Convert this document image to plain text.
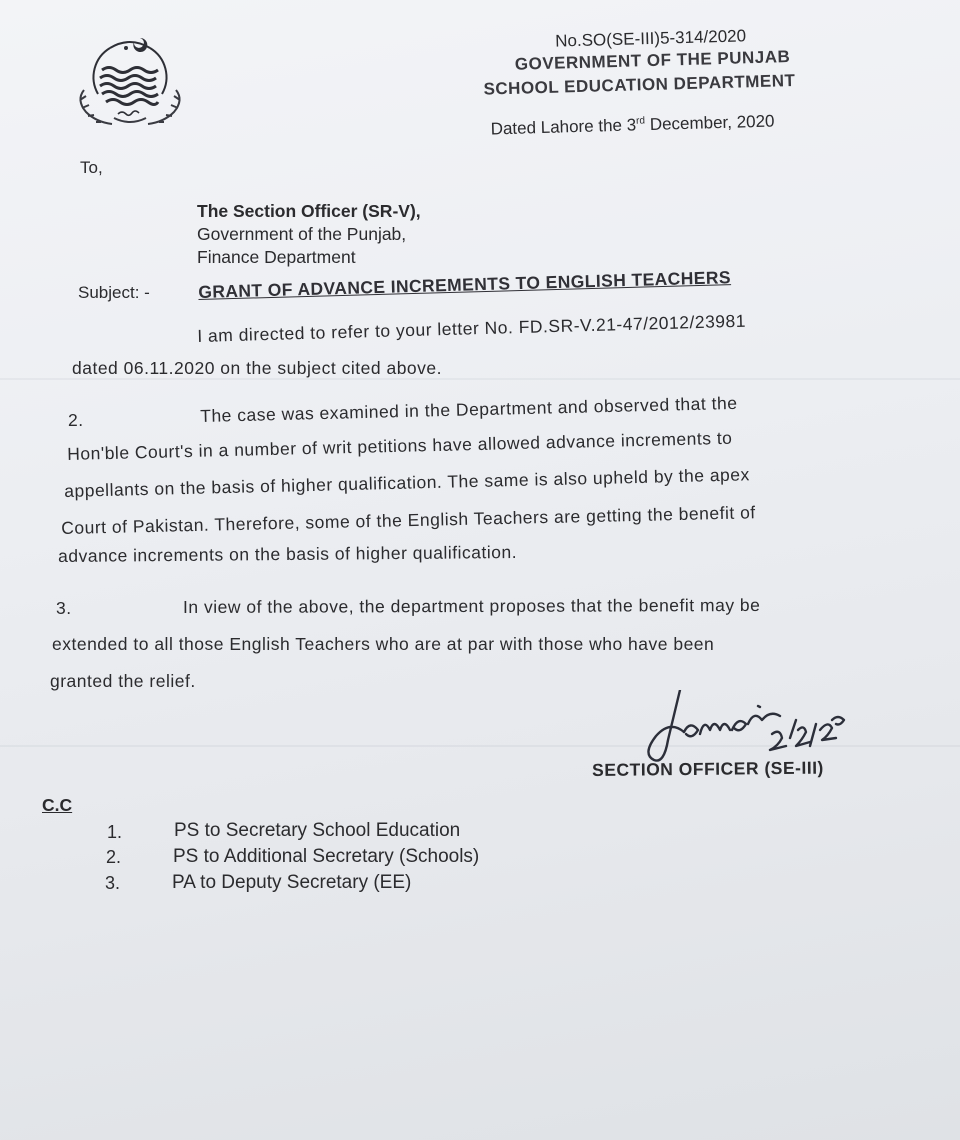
No.SO(SE-III)5-314/2020
GOVERNMENT OF THE PUNJAB
SCHOOL EDUCATION DEPARTMENT
Dated Lahore the 3rd December, 2020
To,
The Section Officer (SR-V),
Government of the Punjab,
Finance Department
Subject: -	GRANT OF ADVANCE INCREMENTS TO ENGLISH TEACHERS
I am directed to refer to your letter No. FD.SR-V.21-47/2012/23981
dated 06.11.2020 on the subject cited above.
2.	The case was examined in the Department and observed that the
Hon'ble Court's in a number of writ petitions have allowed advance increments to
appellants on the basis of higher qualification. The same is also upheld by the apex
Court of Pakistan. Therefore, some of the English Teachers are getting the benefit of
advance increments on the basis of higher qualification.
3.	In view of the above, the department proposes that the benefit may be
extended to all those English Teachers who are at par with those who have been
granted the relief.
SECTION OFFICER (SE-III)
C.C
1.	PS to Secretary School Education
2.	PS to Additional Secretary (Schools)
3.	PA to Deputy Secretary (EE)
